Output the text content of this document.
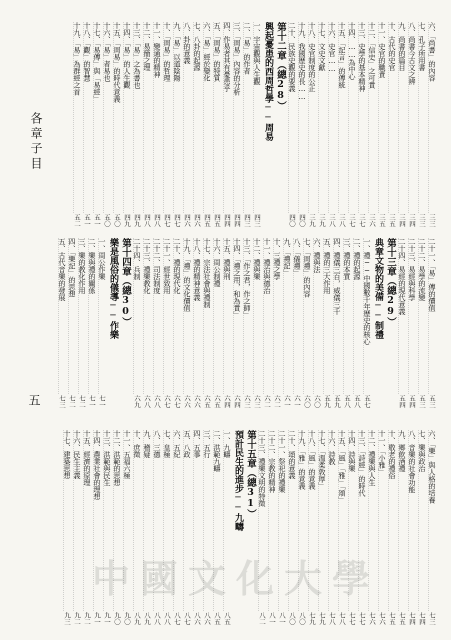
各章子目
五
六、「尚書」的內容
三三
七、孔子所用書
三三
八、尚書今古文之辨
三四
九、尚書的篇目
三四
十、古代的史官
三五
十一、史官的職責
三五
十二、「信史」之可貴
三六
十三、史學的基本精神
三七
十四、……為中心
三七
十五、「記言」的傳統
三八
十六、史官……
三八
十七、文史文獻
三九
十八、史官制度的公正
三九
十九、我國歷史的長……
四〇
二十、民族史觀的要義
四〇
第十二章（總28）
興起憂患的西周哲學──周易
一、宇宙觀與人生觀
四三
二、「易」的作者
四三
三、「周易」內容的分析
四四
四、作易者其有憂患乎
四四
五、「周易」的特質
四五
六、「易」經於變化
四五
七、八卦的起源
四六
八、卦的意義
四六
九、「易」以道陰陽
四七
十、「周易」的哲理
四七
十一、變通的精神
四八
十二、易簡之理
四八
十三、「易」之為書也
四九
十四、「易」的人生觀
四九
十五、「周易」的時代意義
五〇
十六、「易」者易也
五〇
十七、「易傳」與「易經」
五一
十八、「觀」的智慧
五一
十九、「易」為群經之首
五二
二十一、「易」傳的價值
五三
二十二、易學的流變
五三
二十三、易經與科學
五四
二十四、易經的現代意義
五四
第十三章（總29）
典章文物的美備──制禮
一、禮──中國數千年歷史的核心
五七
二、禮的起源
五八
三、禮的本質
五八
四、禮儀三百，威儀三千
五九
五、禮的三大作用
五九
六、禮與法
六〇
七、「周禮」的內容
六〇
八、「儀禮」
六一
九、「禮記」
六一
十、三禮之學
六二
十一、禮治與德治
六二
十二、禮與樂
六三
十三、「作之君，作之師」
六三
十四、「禮之用，和為貴」
六四
十五、禮與刑
六四
十六、周公制禮
六五
十七、宗法社會與禮制
六五
十八、禮的精神意義
六六
十九、「禮」的文化價值
六六
二十、禮的現代化
六七
二十一、經世致用
六七
二十二、司法制度
六八
二十三、禮樂教化
六八
二十四、兵制
六九
第十四章（總30）
樂是風俗的儀導──作樂
一、周公作樂
七一
二、樂與禮的關係
七一
三、樂的教化作用
七二
四、「樂記」的思想
七二
五、古代音樂的發展
七三
六、「樂」與人格的培養
七三
七、樂與政治
七四
八、音樂的社會功能
七四
九、鄉飲酒禮
七五
十、敬老的禮俗
七五
十一、「小雅」
七六
十二、禮樂與人生
七六
十三、「詩經」的時代
七七
十四、詩與樂
七七
十五、「風」「雅」「頌」
七八
十六、詩教
七八
十七、「溫柔敦厚」
七九
十八、「風」的意義
七九
十九、「雅」的意義
八〇
二十、頌的意義
八〇
二十一、祭祀的禮樂
八一
二十二、宗教的精神
八一
二十三、禮樂文明的特徵
八二
第十五章（總31）
預計民生的進步──九疇
一、九疇
八五
二、洪範九疇
八五
三、五行
八六
四、五事
八六
五、八政
八七
六、五紀
八七
七、皇極
八八
八、三德
八八
九、稽疑
八九
十、庶徵
八九
十一、五福六極
九〇
十二、洪範的思想
九〇
十三、洪範與民生
九一
十四、農業社會的理想
九一
十五、經濟的原理
九二
十六、民生主義
九二
十七、建築思想
九三
中國文化大學
